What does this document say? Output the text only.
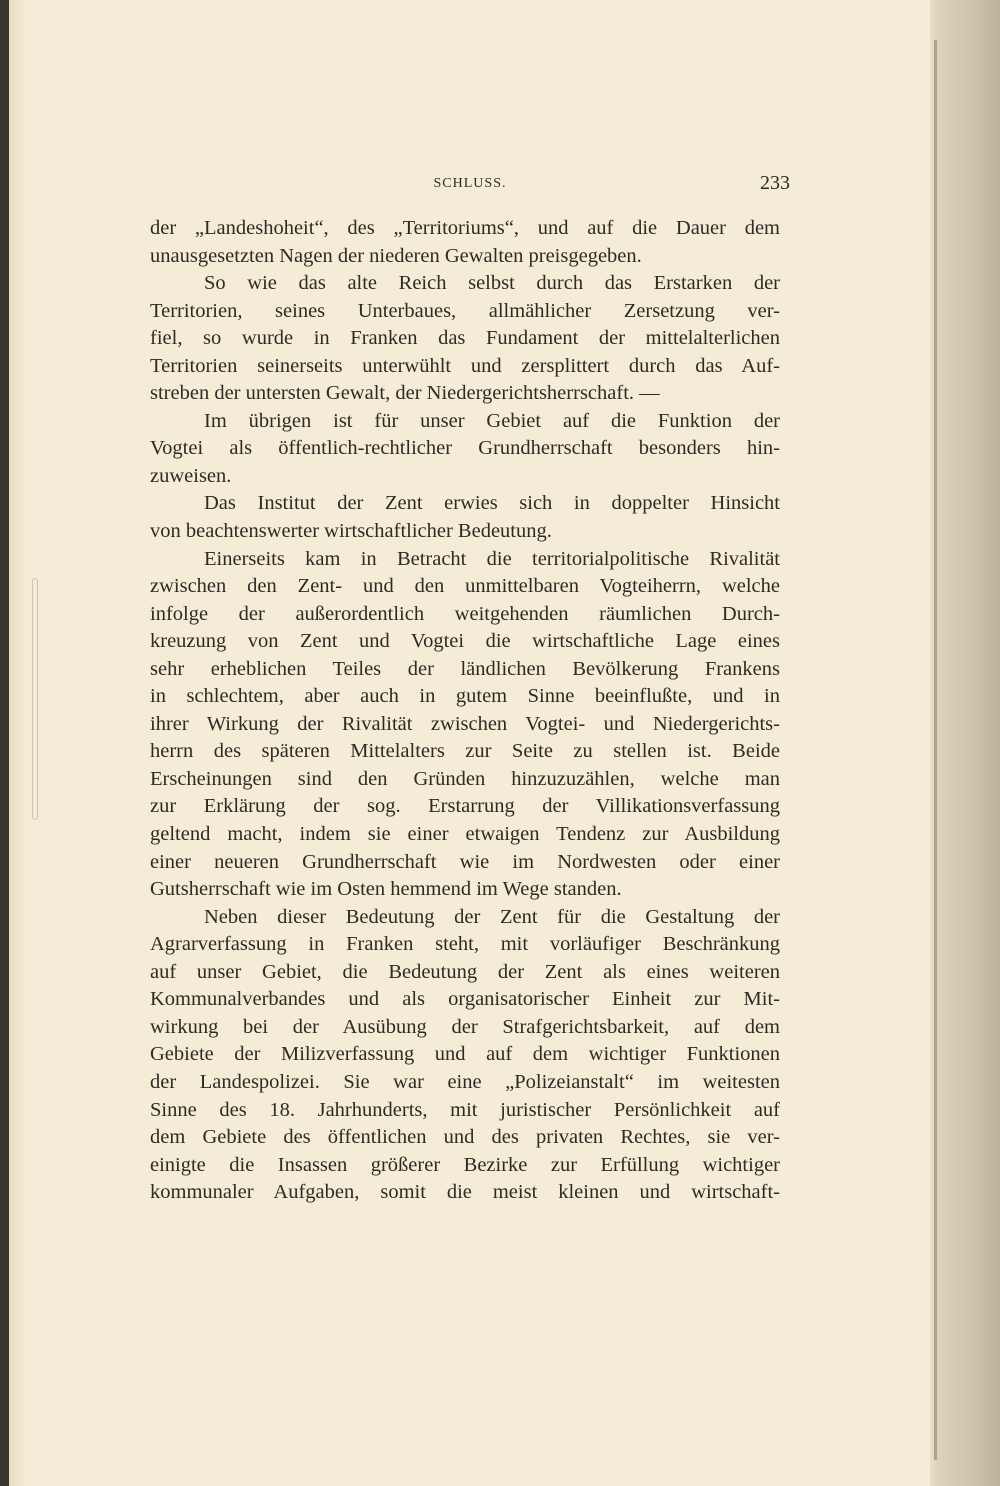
SCHLUSS.	233
der „Landeshoheit“, des „Territoriums“, und auf die Dauer dem
unausgesetzten Nagen der niederen Gewalten preisgegeben.
So wie das alte Reich selbst durch das Erstarken der
Territorien, seines Unterbaues, allmählicher Zersetzung ver-
fiel, so wurde in Franken das Fundament der mittelalterlichen
Territorien seinerseits unterwühlt und zersplittert durch das Auf-
streben der untersten Gewalt, der Niedergerichtsherrschaft. —
Im übrigen ist für unser Gebiet auf die Funktion der
Vogtei als öffentlich-rechtlicher Grundherrschaft besonders hin-
zuweisen.
Das Institut der Zent erwies sich in doppelter Hinsicht
von beachtenswerter wirtschaftlicher Bedeutung.
Einerseits kam in Betracht die territorialpolitische Rivalität
zwischen den Zent- und den unmittelbaren Vogteiherrn, welche
infolge der außerordentlich weitgehenden räumlichen Durch-
kreuzung von Zent und Vogtei die wirtschaftliche Lage eines
sehr erheblichen Teiles der ländlichen Bevölkerung Frankens
in schlechtem, aber auch in gutem Sinne beeinflußte, und in
ihrer Wirkung der Rivalität zwischen Vogtei- und Niedergerichts-
herrn des späteren Mittelalters zur Seite zu stellen ist. Beide
Erscheinungen sind den Gründen hinzuzuzählen, welche man
zur Erklärung der sog. Erstarrung der Villikationsverfassung
geltend macht, indem sie einer etwaigen Tendenz zur Ausbildung
einer neueren Grundherrschaft wie im Nordwesten oder einer
Gutsherrschaft wie im Osten hemmend im Wege standen.
Neben dieser Bedeutung der Zent für die Gestaltung der
Agrarverfassung in Franken steht, mit vorläufiger Beschränkung
auf unser Gebiet, die Bedeutung der Zent als eines weiteren
Kommunalverbandes und als organisatorischer Einheit zur Mit-
wirkung bei der Ausübung der Strafgerichtsbarkeit, auf dem
Gebiete der Milizverfassung und auf dem wichtiger Funktionen
der Landespolizei. Sie war eine „Polizeianstalt“ im weitesten
Sinne des 18. Jahrhunderts, mit juristischer Persönlichkeit auf
dem Gebiete des öffentlichen und des privaten Rechtes, sie ver-
einigte die Insassen größerer Bezirke zur Erfüllung wichtiger
kommunaler Aufgaben, somit die meist kleinen und wirtschaft-
